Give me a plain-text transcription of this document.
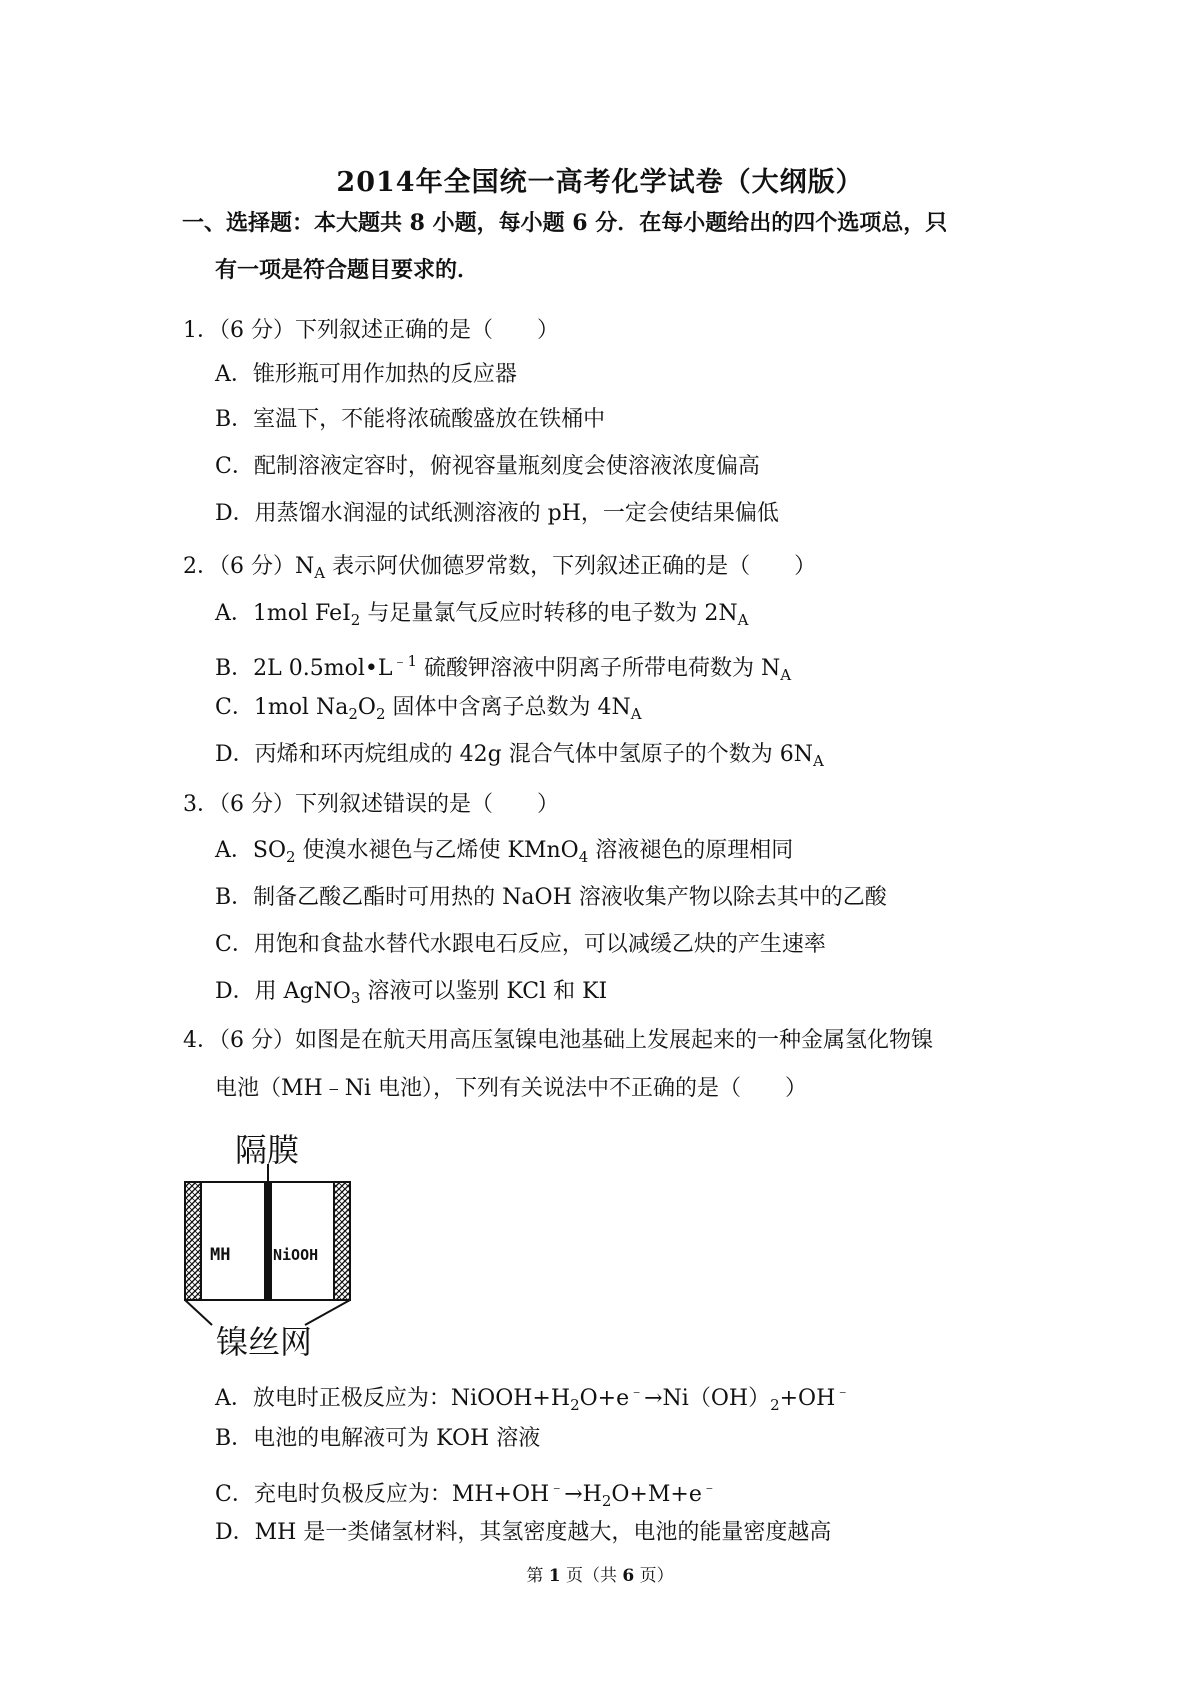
2014年全国统一高考化学试卷（大纲版）
一、选择题：本大题共 8 小题，每小题 6 分．在每小题给出的四个选项总，只
有一项是符合题目要求的．
1．（6 分）下列叙述正确的是（　　）
A．锥形瓶可用作加热的反应器
B．室温下，不能将浓硫酸盛放在铁桶中
C．配制溶液定容时，俯视容量瓶刻度会使溶液浓度偏高
D．用蒸馏水润湿的试纸测溶液的 pH，一定会使结果偏低
2．（6 分）$N_A$ 表示阿伏伽德罗常数，下列叙述正确的是（　　）
A．1mol FeI$_2$ 与足量氯气反应时转移的电子数为 $2N_A$
B．2L $0.5mol•L^{﹣1}$ 硫酸钾溶液中阴离子所带电荷数为 $N_A$
C．1mol $Na_2O_2$ 固体中含离子总数为 $4N_A$
D．丙烯和环丙烷组成的 42g 混合气体中氢原子的个数为 $6N_A$
3．（6 分）下列叙述错误的是（　　）
A．$SO_2$ 使溴水褪色与乙烯使 KMnO$_4$ 溶液褪色的原理相同
B．制备乙酸乙酯时可用热的 NaOH 溶液收集产物以除去其中的乙酸
C．用饱和食盐水替代水跟电石反应，可以减缓乙炔的产生速率
D．用 AgNO$_3$ 溶液可以鉴别 KCl 和 KI
4．（6 分）如图是在航天用高压氢镍电池基础上发展起来的一种金属氢化物镍
电池（MH﹣Ni 电池），下列有关说法中不正确的是（　　）
隔膜
MH	NiOOH
镍丝网
A．放电时正极反应为：$NiOOH+H_2O+e^﹣\to Ni(OH)_2+OH^﹣$
B．电池的电解液可为 KOH 溶液
C．充电时负极反应为：$MH+OH^﹣\to H_2O+M+e^﹣$
D．MH 是一类储氢材料，其氢密度越大，电池的能量密度越高
第 1 页（共 6 页）
